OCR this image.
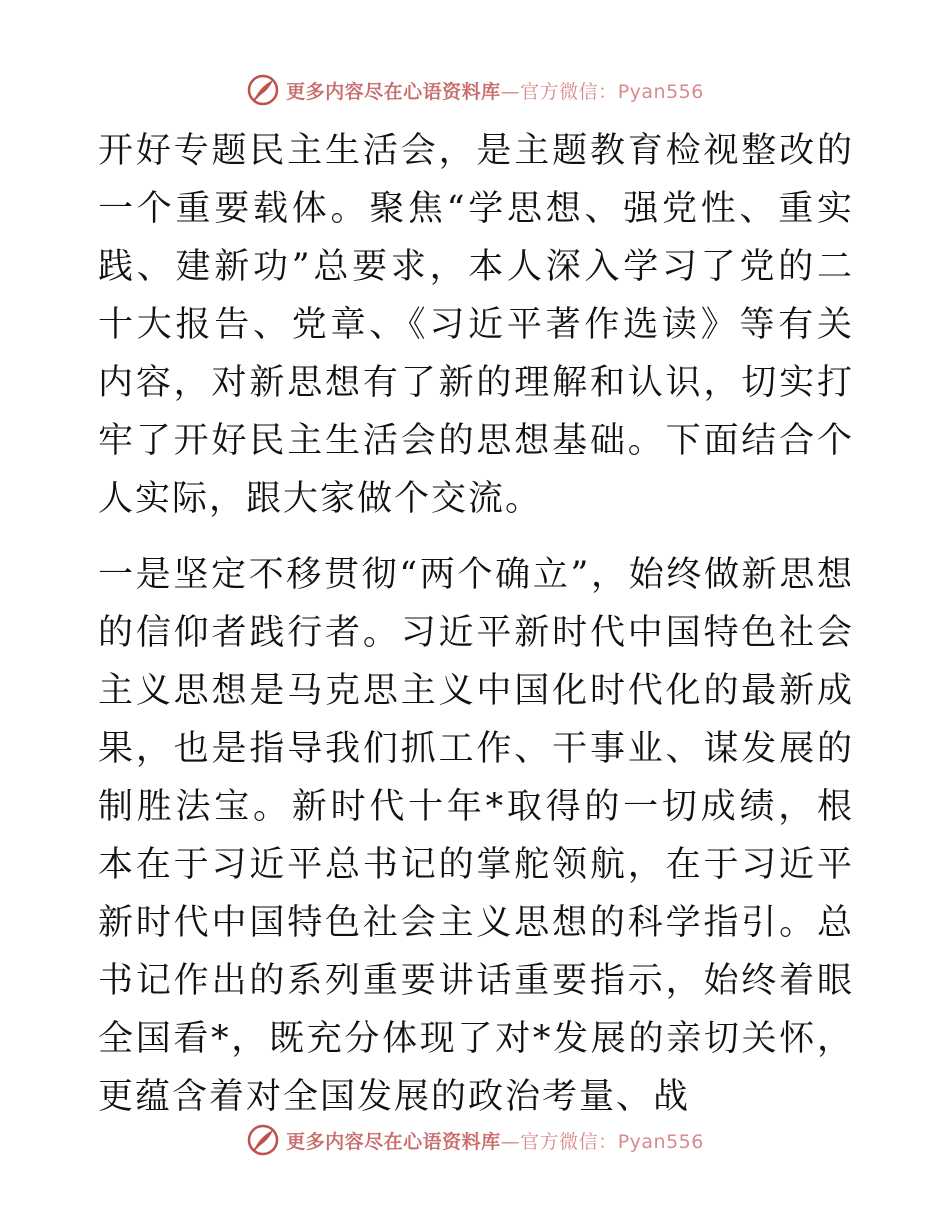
更多内容尽在心语资料库—官方微信：Pyan556

开好专题民主生活会，是主题教育检视整改的一个重要载体。聚焦“学思想、强党性、重实践、建新功”总要求，本人深入学习了党的二十大报告、党章、《习近平著作选读》等有关内容，对新思想有了新的理解和认识，切实打牢了开好民主生活会的思想基础。下面结合个人实际，跟大家做个交流。

一是坚定不移贯彻“两个确立”，始终做新思想的信仰者践行者。习近平新时代中国特色社会主义思想是马克思主义中国化时代化的最新成果，也是指导我们抓工作、干事业、谋发展的制胜法宝。新时代十年*取得的一切成绩，根本在于习近平总书记的掌舵领航，在于习近平新时代中国特色社会主义思想的科学指引。总书记作出的系列重要讲话重要指示，始终着眼全国看*，既充分体现了对*发展的亲切关怀，更蕴含着对全国发展的政治考量、战

更多内容尽在心语资料库—官方微信：Pyan556
